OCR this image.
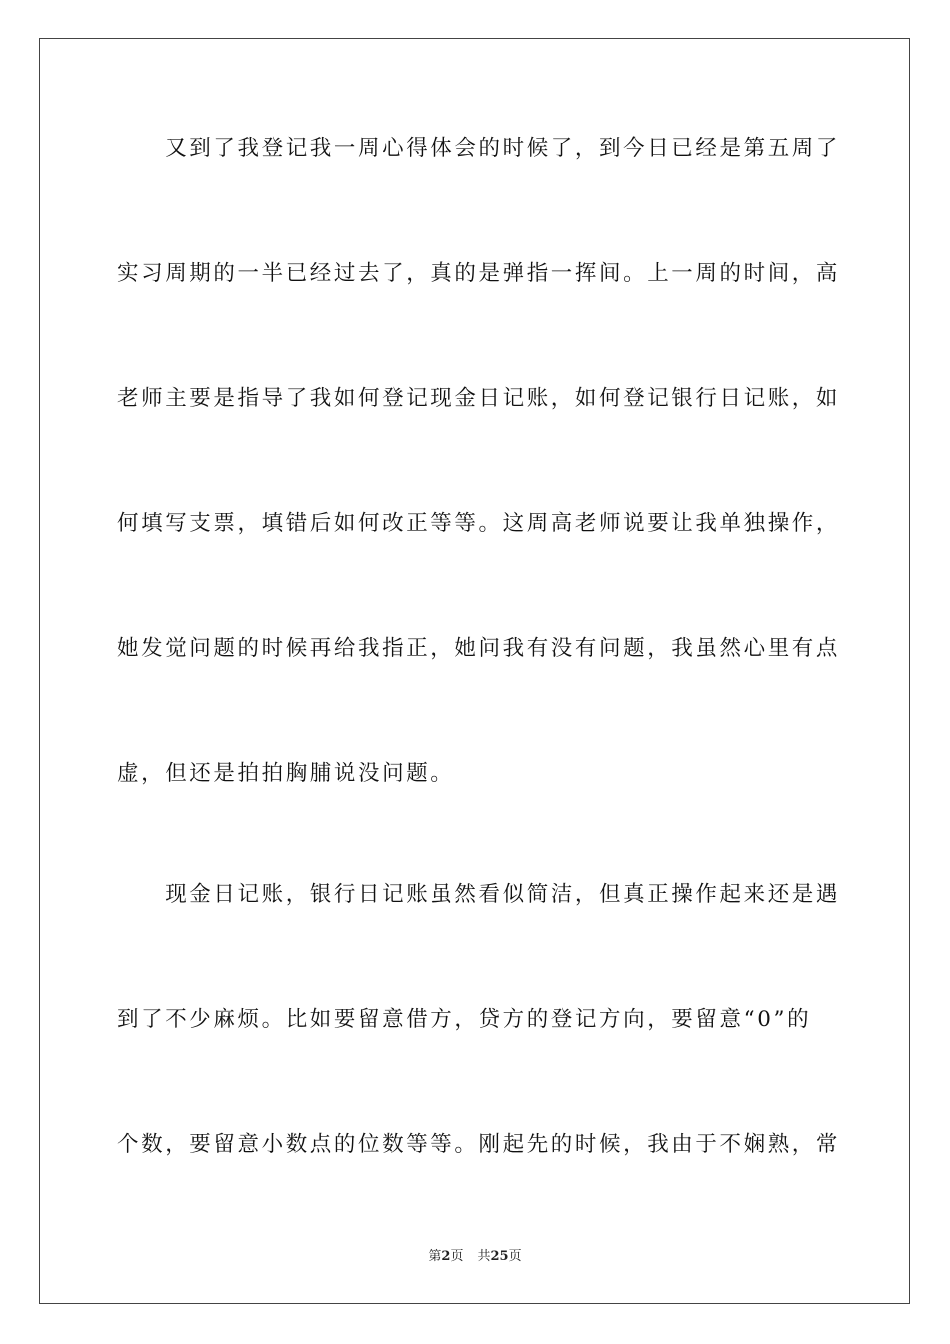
　　又到了我登记我一周心得体会的时候了，到今日已经是第五周了
实习周期的一半已经过去了，真的是弹指一挥间。上一周的时间，高
老师主要是指导了我如何登记现金日记账，如何登记银行日记账，如
何填写支票，填错后如何改正等等。这周高老师说要让我单独操作，
她发觉问题的时候再给我指正，她问我有没有问题，我虽然心里有点
虚，但还是拍拍胸脯说没问题。
　　现金日记账，银行日记账虽然看似简洁，但真正操作起来还是遇
到了不少麻烦。比如要留意借方，贷方的登记方向，要留意“0”的
个数，要留意小数点的位数等等。刚起先的时候，我由于不娴熟，常
第2页 共25页
